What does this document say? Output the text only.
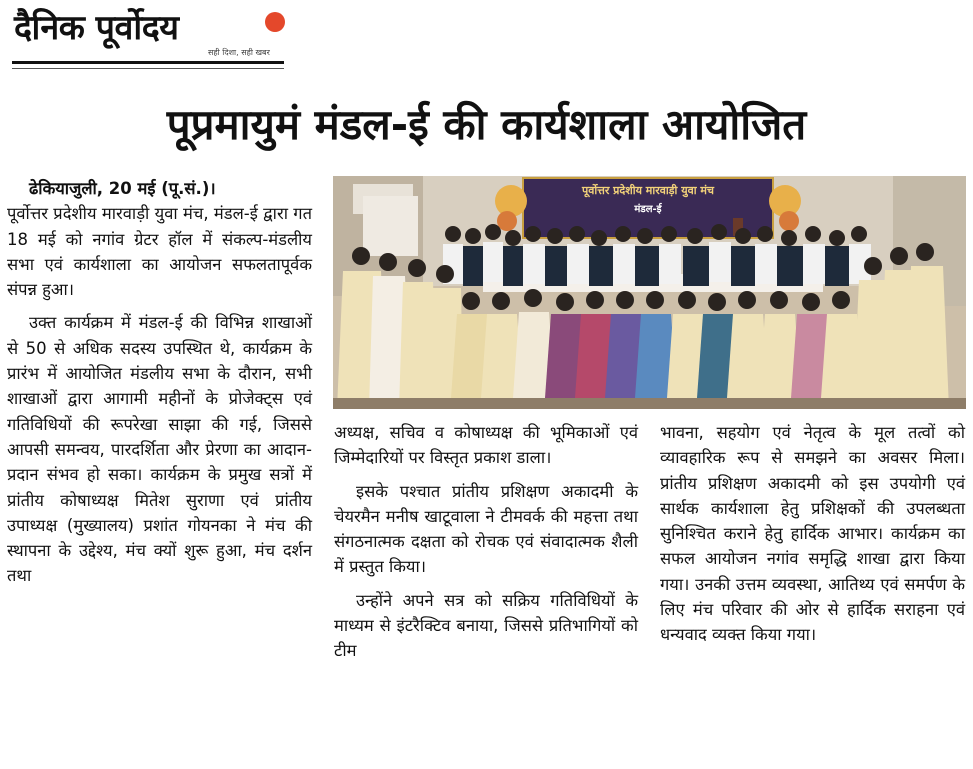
दैनिक पूर्वोदय
सही दिशा, सही खबर
पूप्रमायुमं मंडल-ई की कार्यशाला आयोजित

ढेकियाजुली, 20 मई (पू.सं.)।

पूर्वोत्तर प्रदेशीय मारवाड़ी युवा मंच, मंडल-ई द्वारा गत 18 मई को नगांव ग्रेटर हॉल में संकल्प-मंडलीय सभा एवं कार्यशाला का आयोजन सफलतापूर्वक संपन्न हुआ।

उक्त कार्यक्रम में मंडल-ई की विभिन्न शाखाओं से 50 से अधिक सदस्य उपस्थित थे, कार्यक्रम के प्रारंभ में आयोजित मंडलीय सभा के दौरान, सभी शाखाओं द्वारा आगामी महीनों के प्रोजेक्ट्स एवं गतिविधियों की रूपरेखा साझा की गई, जिससे आपसी समन्वय, पारदर्शिता और प्रेरणा का आदान-प्रदान संभव हो सका। कार्यक्रम के प्रमुख सत्रों में प्रांतीय कोषाध्यक्ष मितेश सुराणा एवं प्रांतीय उपाध्यक्ष (मुख्यालय) प्रशांत गोयनका ने मंच की स्थापना के उद्देश्य, मंच क्यों शुरू हुआ, मंच दर्शन तथा

पूर्वोत्तर प्रदेशीय मारवाड़ी युवा मंच
मंडल-ई

अध्यक्ष, सचिव व कोषाध्यक्ष की भूमिकाओं एवं जिम्मेदारियों पर विस्तृत प्रकाश डाला।

इसके पश्चात प्रांतीय प्रशिक्षण अकादमी के चेयरमैन मनीष खाटूवाला ने टीमवर्क की महत्ता तथा संगठनात्मक दक्षता को रोचक एवं संवादात्मक शैली में प्रस्तुत किया।

उन्होंने अपने सत्र को सक्रिय गतिविधियों के माध्यम से इंटरैक्टिव बनाया, जिससे प्रतिभागियों को टीम

भावना, सहयोग एवं नेतृत्व के मूल तत्वों को व्यावहारिक रूप से समझने का अवसर मिला। प्रांतीय प्रशिक्षण अकादमी को इस उपयोगी एवं सार्थक कार्यशाला हेतु प्रशिक्षकों की उपलब्धता सुनिश्चित कराने हेतु हार्दिक आभार। कार्यक्रम का सफल आयोजन नगांव समृद्धि शाखा द्वारा किया गया। उनकी उत्तम व्यवस्था, आतिथ्य एवं समर्पण के लिए मंच परिवार की ओर से हार्दिक सराहना एवं धन्यवाद व्यक्त किया गया।
